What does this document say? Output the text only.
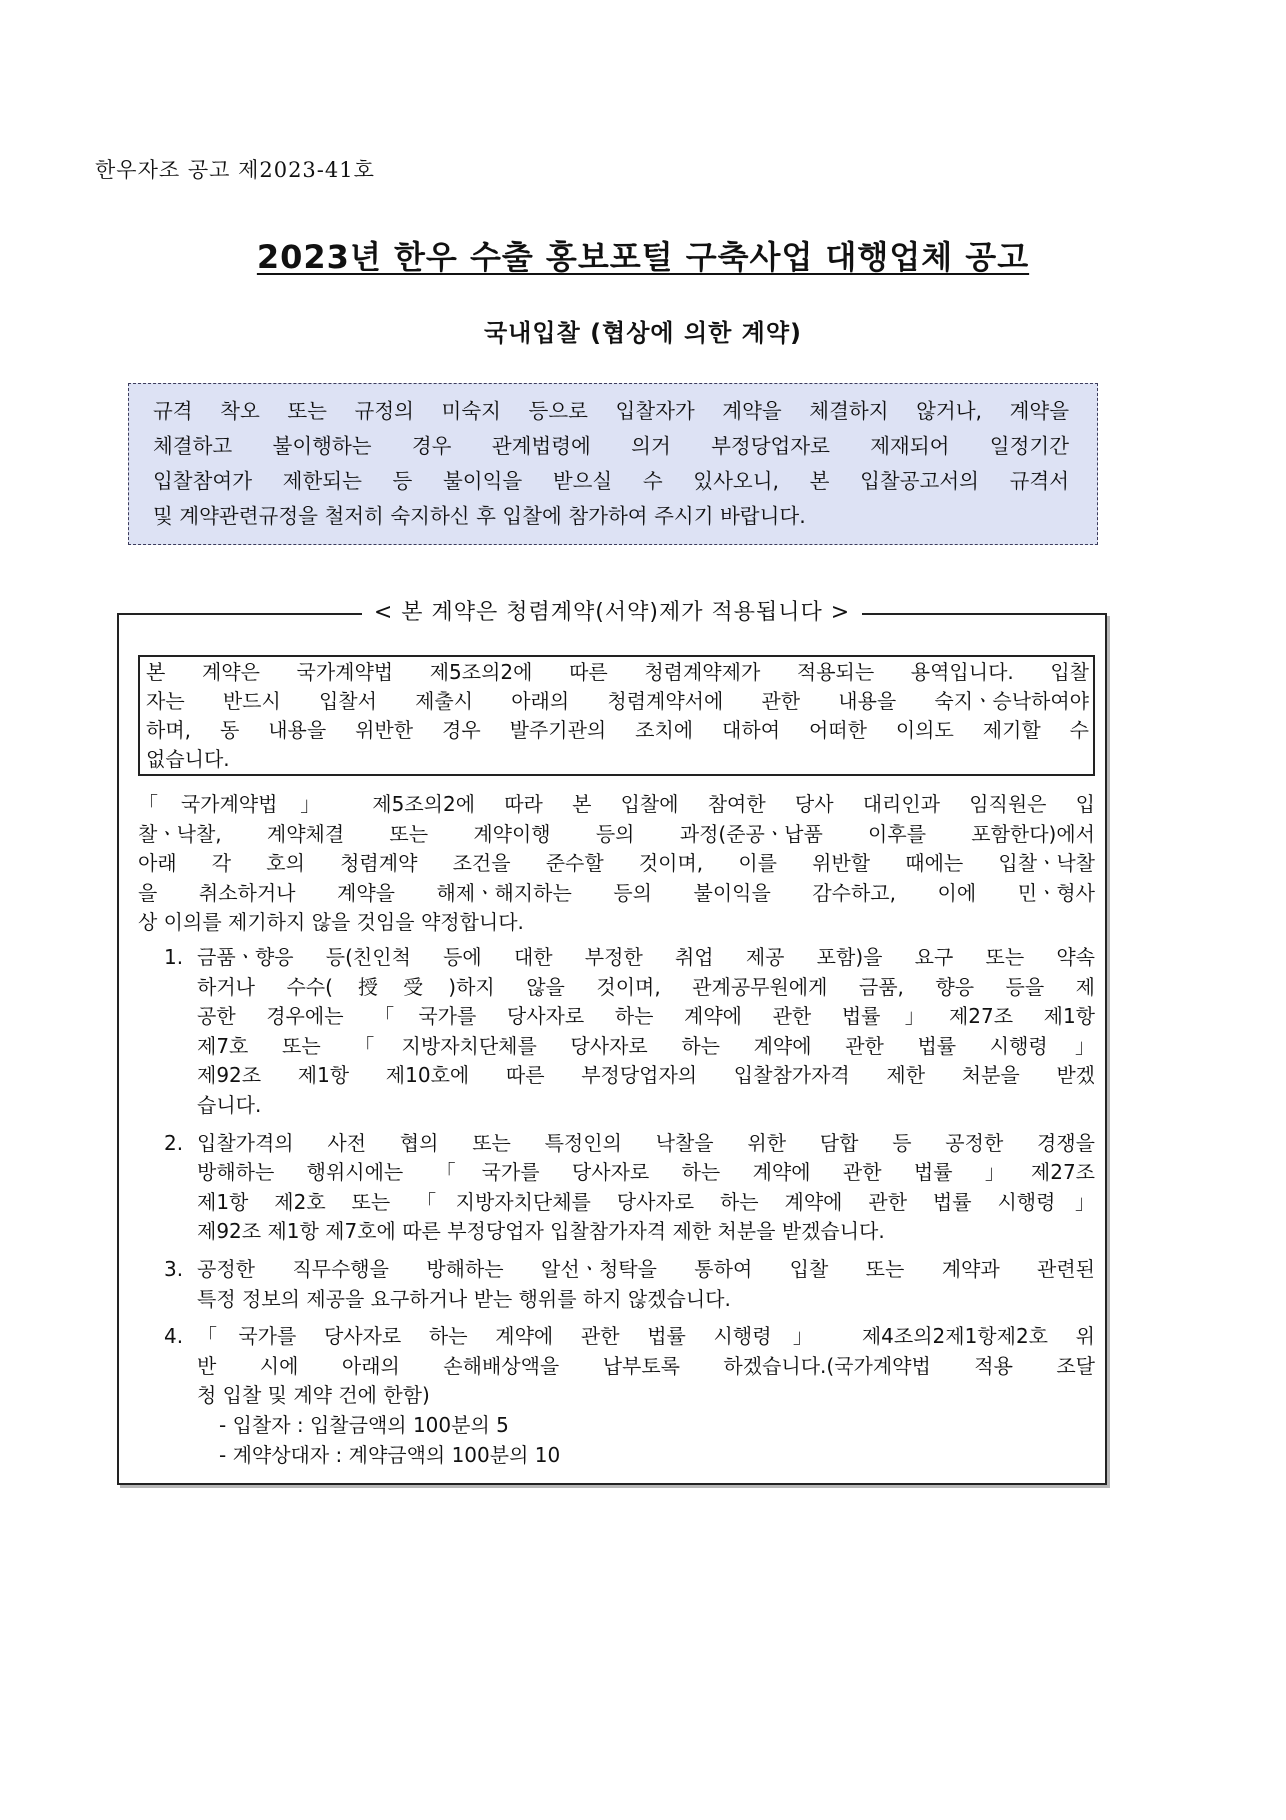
한우자조 공고 제2023-41호
2023년 한우 수출 홍보포털 구축사업 대행업체 공고
국내입찰 (협상에 의한 계약)
규격 착오 또는 규정의 미숙지 등으로 입찰자가 계약을 체결하지 않거나, 계약을
체결하고 불이행하는 경우 관계법령에 의거 부정당업자로 제재되어 일정기간
입찰참여가 제한되는 등 불이익을 받으실 수 있사오니, 본 입찰공고서의 규격서
및 계약관련규정을 철저히 숙지하신 후 입찰에 참가하여 주시기 바랍니다.
< 본 계약은 청렴계약(서약)제가 적용됩니다 >
본 계약은 국가계약법 제5조의2에 따른 청렴계약제가 적용되는 용역입니다. 입찰
자는 반드시 입찰서 제출시 아래의 청렴계약서에 관한 내용을 숙지ㆍ승낙하여야
하며, 동 내용을 위반한 경우 발주기관의 조치에 대하여 어떠한 이의도 제기할 수
없습니다.
「국가계약법」 제5조의2에 따라 본 입찰에 참여한 당사 대리인과 임직원은 입
찰ㆍ낙찰, 계약체결 또는 계약이행 등의 과정(준공ㆍ납품 이후를 포함한다)에서
아래 각 호의 청렴계약 조건을 준수할 것이며, 이를 위반할 때에는 입찰ㆍ낙찰
을 취소하거나 계약을 해제ㆍ해지하는 등의 불이익을 감수하고, 이에 민ㆍ형사
상 이의를 제기하지 않을 것임을 약정합니다.
1. 금품ㆍ향응 등(친인척 등에 대한 부정한 취업 제공 포함)을 요구 또는 약속
하거나 수수(授受)하지 않을 것이며, 관계공무원에게 금품, 향응 등을 제
공한 경우에는 「국가를 당사자로 하는 계약에 관한 법률」제27조 제1항
제7호 또는 「지방자치단체를 당사자로 하는 계약에 관한 법률 시행령」
제92조 제1항 제10호에 따른 부정당업자의 입찰참가자격 제한 처분을 받겠
습니다.
2. 입찰가격의 사전 협의 또는 특정인의 낙찰을 위한 담합 등 공정한 경쟁을
방해하는 행위시에는 「국가를 당사자로 하는 계약에 관한 법률 」제27조
제1항 제2호 또는 「지방자치단체를 당사자로 하는 계약에 관한 법률 시행령」
제92조 제1항 제7호에 따른 부정당업자 입찰참가자격 제한 처분을 받겠습니다.
3. 공정한 직무수행을 방해하는 알선ㆍ청탁을 통하여 입찰 또는 계약과 관련된
특정 정보의 제공을 요구하거나 받는 행위를 하지 않겠습니다.
4. 「국가를 당사자로 하는 계약에 관한 법률 시행령」 제4조의2제1항제2호 위
반 시에 아래의 손해배상액을 납부토록 하겠습니다.(국가계약법 적용 조달
청 입찰 및 계약 건에 한함)
- 입찰자 : 입찰금액의 100분의 5
- 계약상대자 : 계약금액의 100분의 10
